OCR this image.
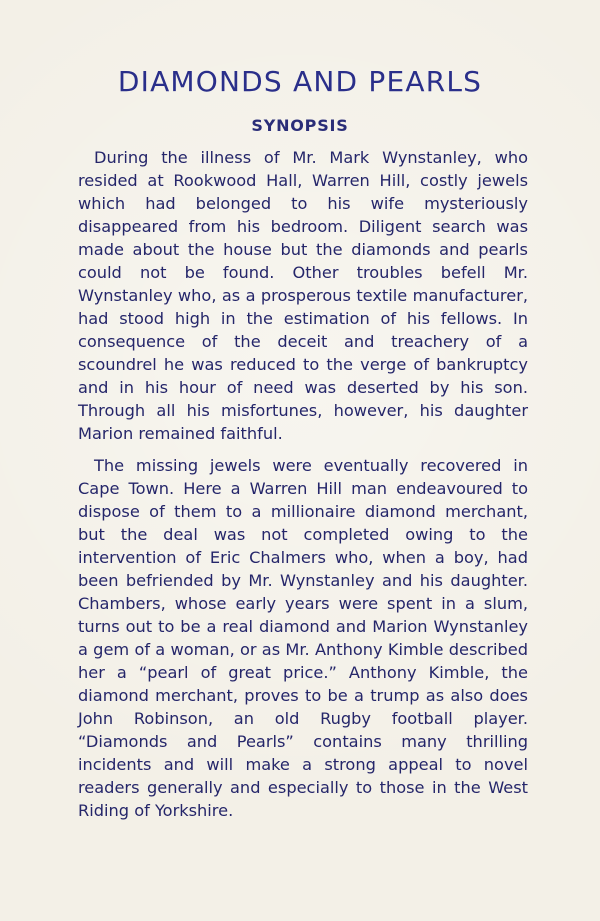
DIAMONDS AND PEARLS
SYNOPSIS

During the illness of Mr. Mark Wynstanley, who resided at Rookwood Hall, Warren Hill, costly jewels which had belonged to his wife mysteriously disappeared from his bedroom. Diligent search was made about the house but the diamonds and pearls could not be found. Other troubles befell Mr. Wynstanley who, as a prosperous textile manufacturer, had stood high in the estimation of his fellows. In consequence of the deceit and treachery of a scoundrel he was reduced to the verge of bankruptcy and in his hour of need was deserted by his son. Through all his misfortunes, however, his daughter Marion remained faithful.

The missing jewels were eventually recovered in Cape Town. Here a Warren Hill man endeavoured to dispose of them to a millionaire diamond merchant, but the deal was not completed owing to the intervention of Eric Chalmers who, when a boy, had been befriended by Mr. Wynstanley and his daughter. Chambers, whose early years were spent in a slum, turns out to be a real diamond and Marion Wynstanley a gem of a woman, or as Mr. Anthony Kimble described her a “pearl of great price.” Anthony Kimble, the diamond merchant, proves to be a trump as also does John Robinson, an old Rugby football player. “Diamonds and Pearls” contains many thrilling incidents and will make a strong appeal to novel readers generally and especially to those in the West Riding of Yorkshire.
